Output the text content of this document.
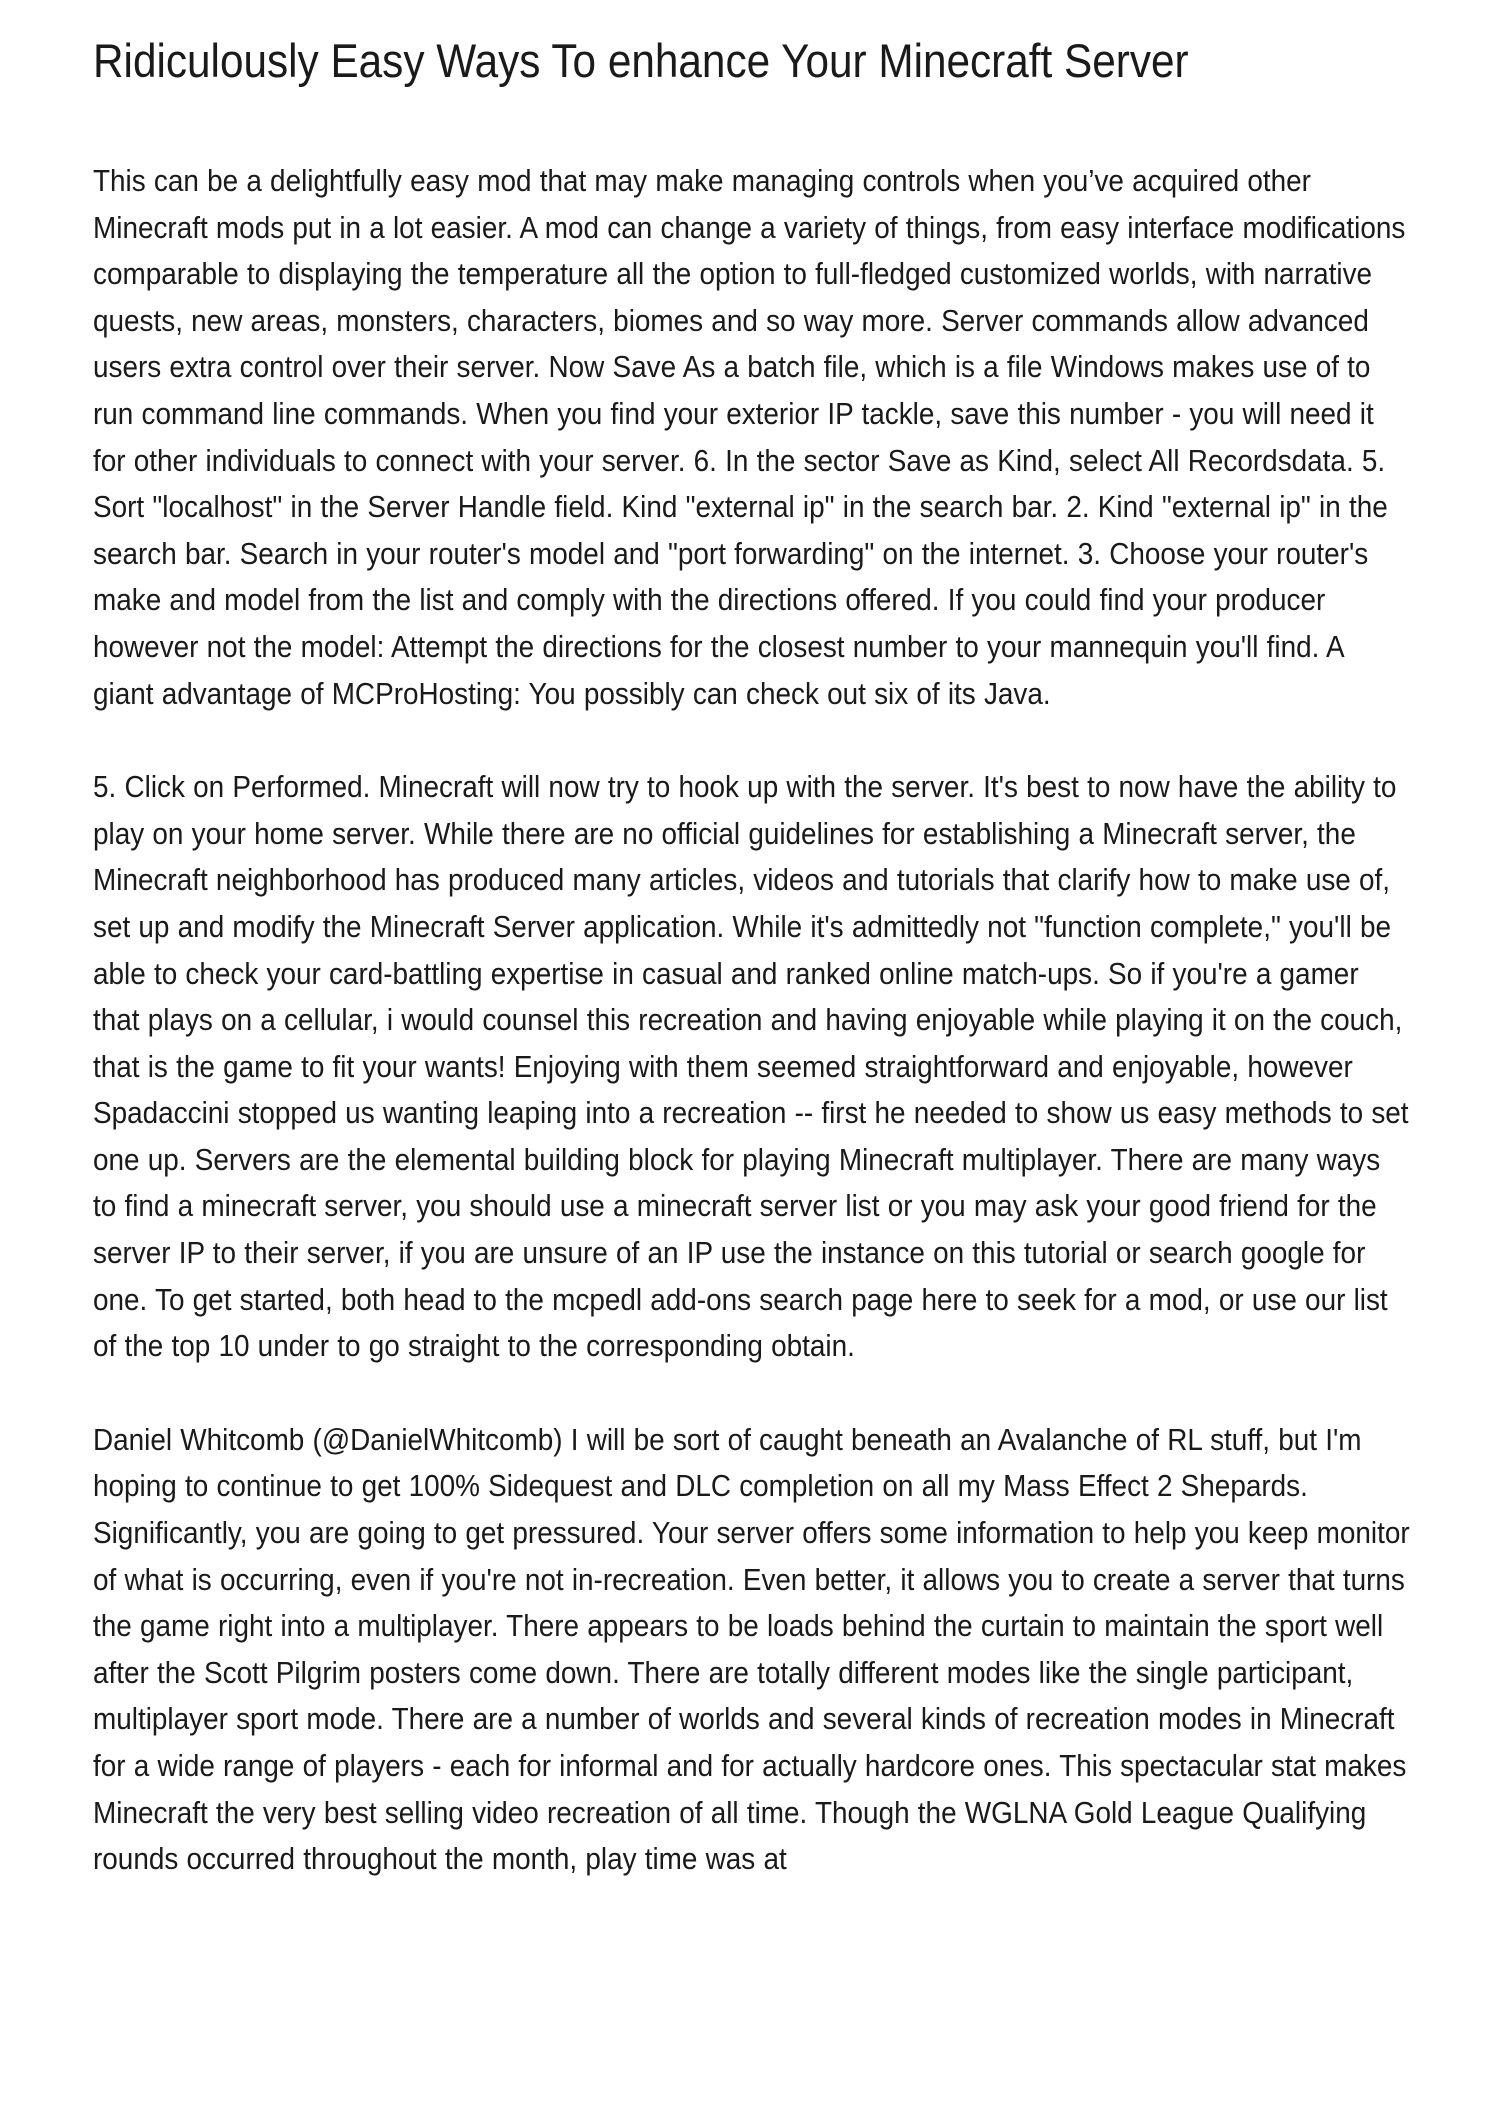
Ridiculously Easy Ways To enhance Your Minecraft Server

This can be a delightfully easy mod that may make managing controls when you’ve acquired other Minecraft mods put in a lot easier. A mod can change a variety of things, from easy interface modifications comparable to displaying the temperature all the option to full-fledged customized worlds, with narrative quests, new areas, monsters, characters, biomes and so way more. Server commands allow advanced users extra control over their server. Now Save As a batch file, which is a file Windows makes use of to run command line commands. When you find your exterior IP tackle, save this number - you will need it for other individuals to connect with your server. 6. In the sector Save as Kind, select All Recordsdata. 5. Sort "localhost" in the Server Handle field. Kind "external ip" in the search bar. 2. Kind "external ip" in the search bar. Search in your router's model and "port forwarding" on the internet. 3. Choose your router's make and model from the list and comply with the directions offered. If you could find your producer however not the model: Attempt the directions for the closest number to your mannequin you'll find. A giant advantage of MCProHosting: You possibly can check out six of its Java.

5. Click on Performed. Minecraft will now try to hook up with the server. It's best to now have the ability to play on your home server. While there are no official guidelines for establishing a Minecraft server, the Minecraft neighborhood has produced many articles, videos and tutorials that clarify how to make use of, set up and modify the Minecraft Server application. While it's admittedly not "function complete," you'll be able to check your card-battling expertise in casual and ranked online match-ups. So if you're a gamer that plays on a cellular, i would counsel this recreation and having enjoyable while playing it on the couch, that is the game to fit your wants! Enjoying with them seemed straightforward and enjoyable, however Spadaccini stopped us wanting leaping into a recreation -- first he needed to show us easy methods to set one up. Servers are the elemental building block for playing Minecraft multiplayer. There are many ways to find a minecraft server, you should use a minecraft server list or you may ask your good friend for the server IP to their server, if you are unsure of an IP use the instance on this tutorial or search google for one. To get started, both head to the mcpedl add-ons search page here to seek for a mod, or use our list of the top 10 under to go straight to the corresponding obtain.

Daniel Whitcomb (@DanielWhitcomb) I will be sort of caught beneath an Avalanche of RL stuff, but I'm hoping to continue to get 100% Sidequest and DLC completion on all my Mass Effect 2 Shepards. Significantly, you are going to get pressured. Your server offers some information to help you keep monitor of what is occurring, even if you're not in-recreation. Even better, it allows you to create a server that turns the game right into a multiplayer. There appears to be loads behind the curtain to maintain the sport well after the Scott Pilgrim posters come down. There are totally different modes like the single participant, multiplayer sport mode. There are a number of worlds and several kinds of recreation modes in Minecraft for a wide range of players - each for informal and for actually hardcore ones. This spectacular stat makes Minecraft the very best selling video recreation of all time. Though the WGLNA Gold League Qualifying rounds occurred throughout the month, play time was at
